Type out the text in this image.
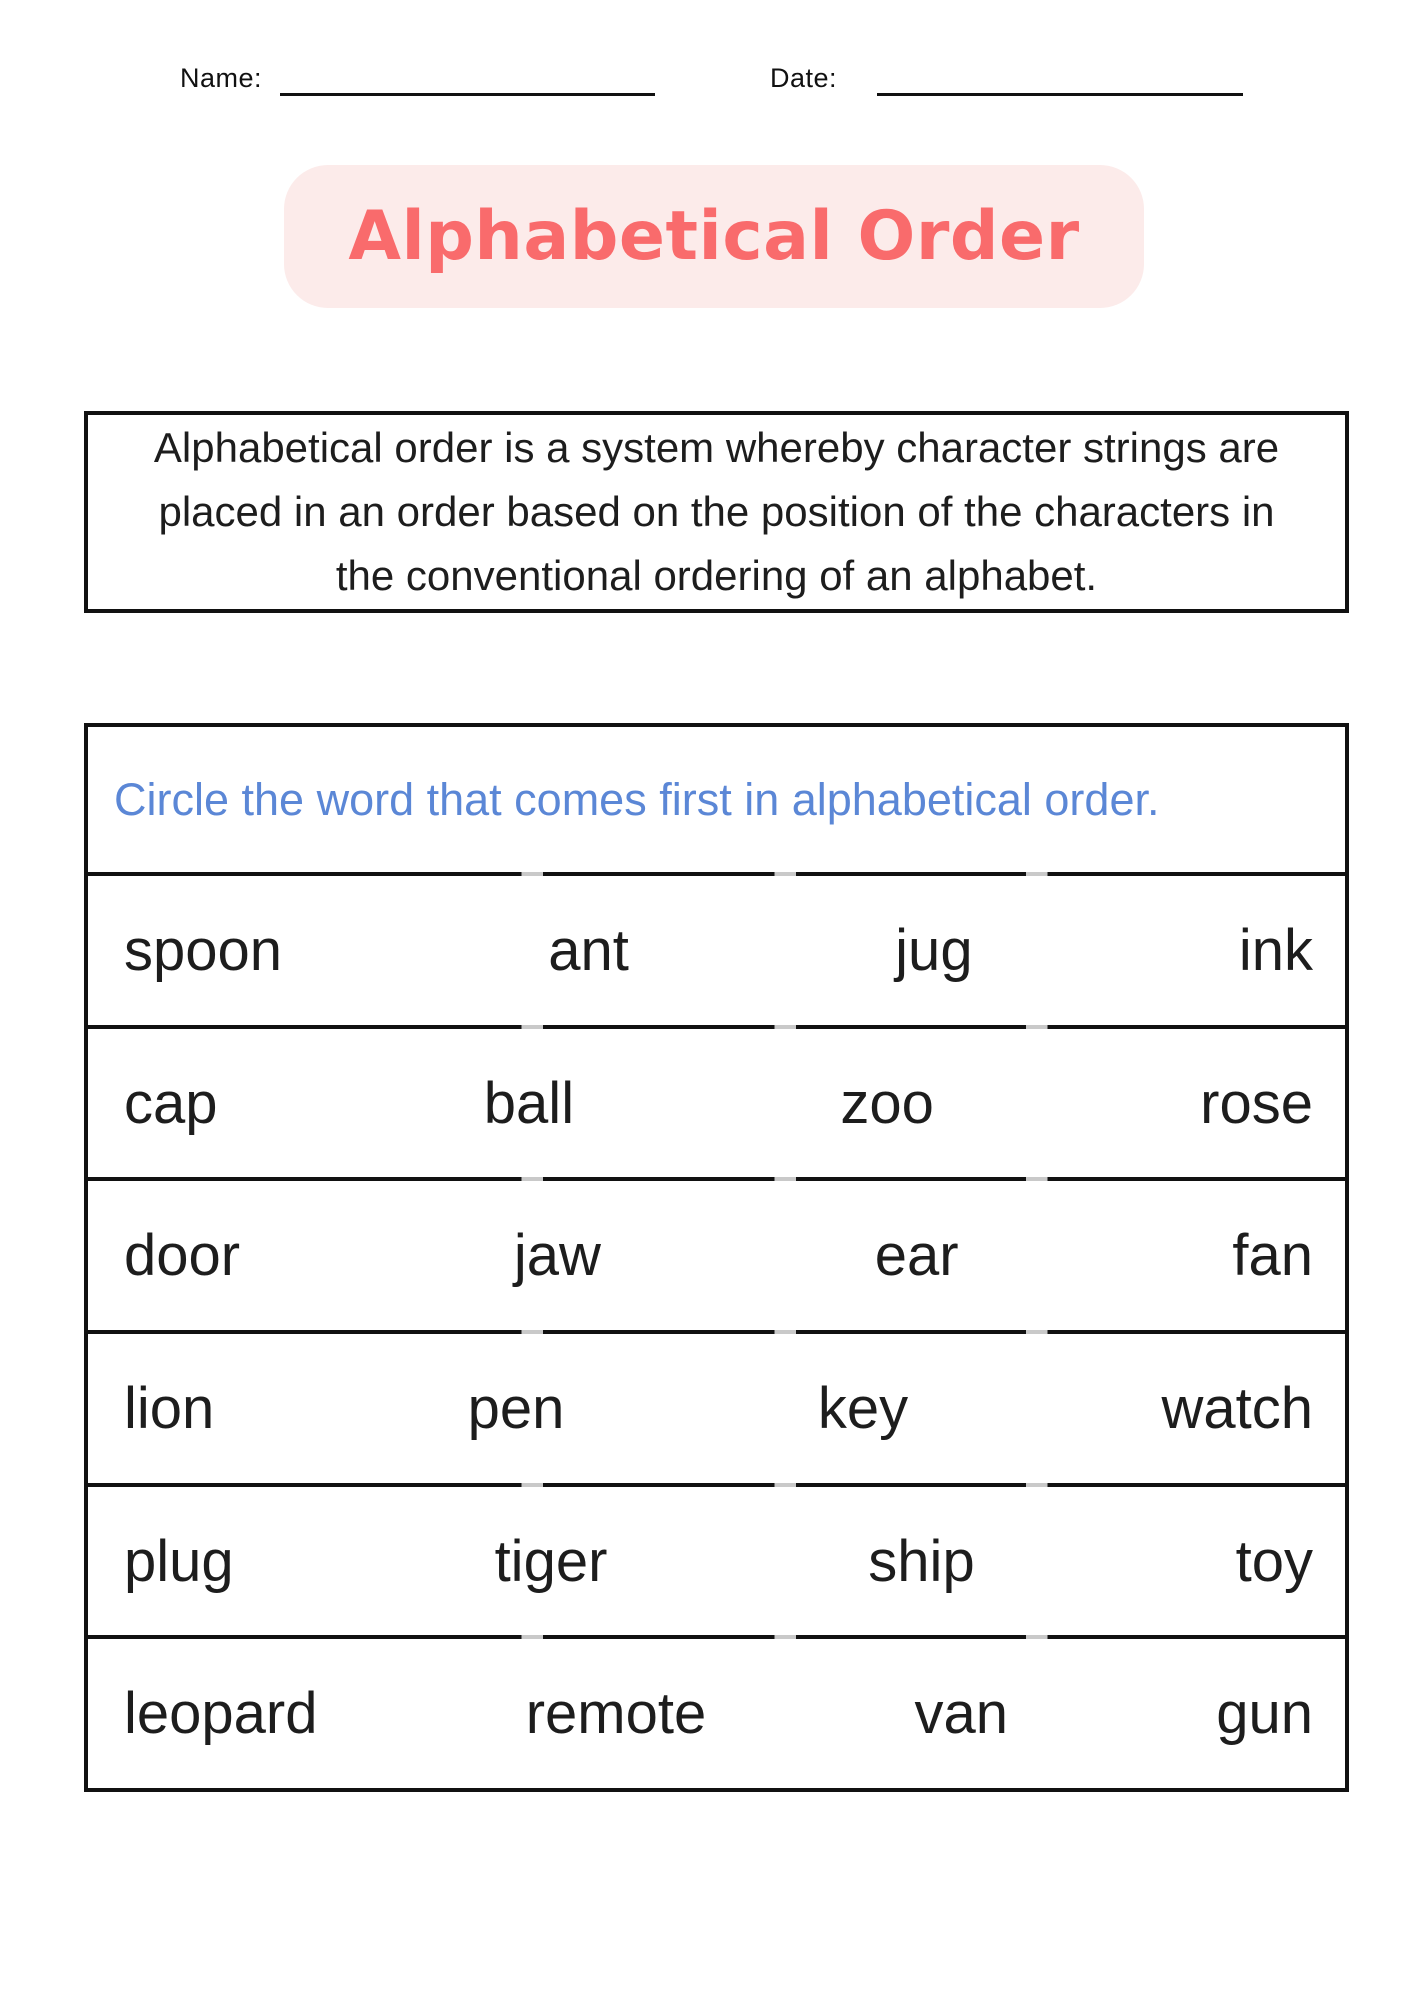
Name:	Date:
Alphabetical Order
Alphabetical order is a system whereby character strings are
placed in an order based on the position of the characters in
the conventional ordering of an alphabet.
Circle the word that comes first in alphabetical order.
spoon	ant	jug	ink
cap	ball	zoo	rose
door	jaw	ear	fan
lion	pen	key	watch
plug	tiger	ship	toy
leopard	remote	van	gun
